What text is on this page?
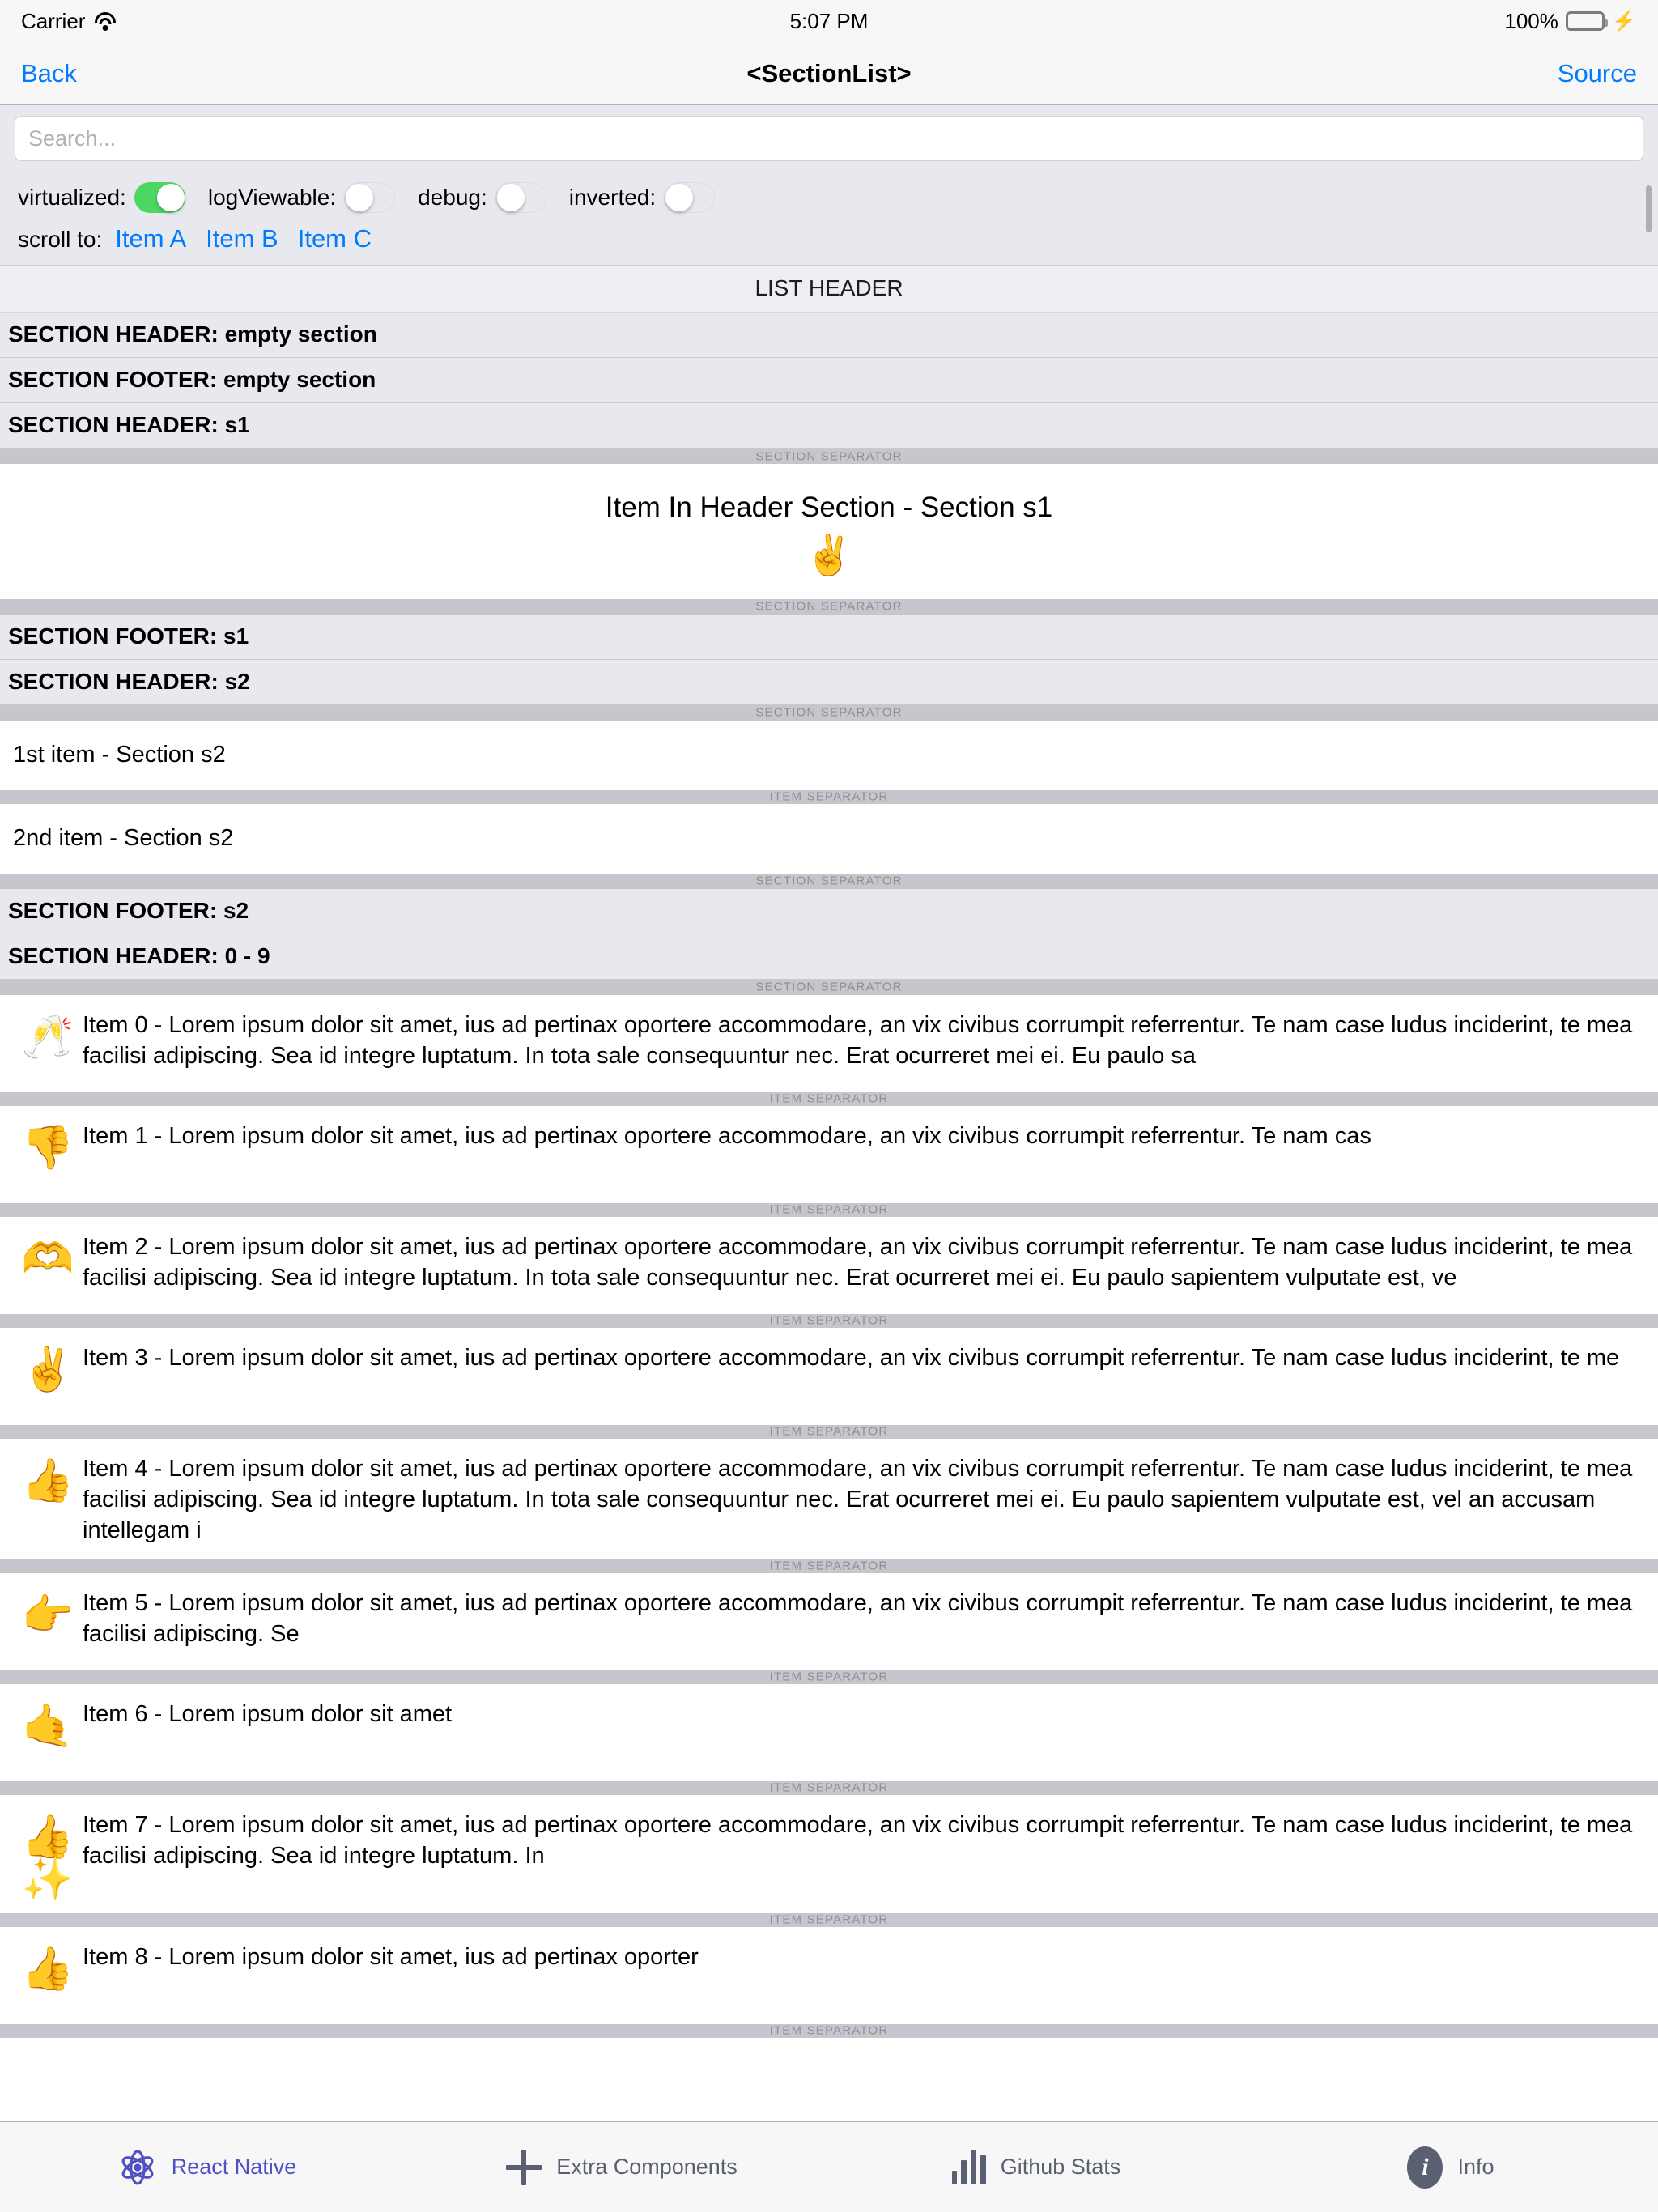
Carrier	5:07 PM	100%	⚡
Back	<SectionList>	Source
Search...
virtualized:	logViewable:	debug:	inverted:
scroll to: Item A Item B Item C
LIST HEADER
SECTION HEADER: empty section
SECTION FOOTER: empty section
SECTION HEADER: s1
SECTION SEPARATOR
Item In Header Section - Section s1
✌️
SECTION SEPARATOR
SECTION FOOTER: s1
SECTION HEADER: s2
SECTION SEPARATOR
1st item - Section s2
ITEM SEPARATOR
2nd item - Section s2
SECTION SEPARATOR
SECTION FOOTER: s2
SECTION HEADER: 0 - 9
SECTION SEPARATOR
🥂 Item 0 - Lorem ipsum dolor sit amet, ius ad pertinax oportere accommodare, an vix civibus corrumpit referrentur. Te nam case ludus inciderint, te mea facilisi adipiscing. Sea id integre luptatum. In tota sale consequuntur nec. Erat ocurreret mei ei. Eu paulo sa
ITEM SEPARATOR
👎 Item 1 - Lorem ipsum dolor sit amet, ius ad pertinax oportere accommodare, an vix civibus corrumpit referrentur. Te nam cas
ITEM SEPARATOR
🫶 Item 2 - Lorem ipsum dolor sit amet, ius ad pertinax oportere accommodare, an vix civibus corrumpit referrentur. Te nam case ludus inciderint, te mea facilisi adipiscing. Sea id integre luptatum. In tota sale consequuntur nec. Erat ocurreret mei ei. Eu paulo sapientem vulputate est, ve
ITEM SEPARATOR
✌️ Item 3 - Lorem ipsum dolor sit amet, ius ad pertinax oportere accommodare, an vix civibus corrumpit referrentur. Te nam case ludus inciderint, te me
ITEM SEPARATOR
👍 Item 4 - Lorem ipsum dolor sit amet, ius ad pertinax oportere accommodare, an vix civibus corrumpit referrentur. Te nam case ludus inciderint, te mea facilisi adipiscing. Sea id integre luptatum. In tota sale consequuntur nec. Erat ocurreret mei ei. Eu paulo sapientem vulputate est, vel an accusam intellegam i
ITEM SEPARATOR
👉 Item 5 - Lorem ipsum dolor sit amet, ius ad pertinax oportere accommodare, an vix civibus corrumpit referrentur. Te nam case ludus inciderint, te mea facilisi adipiscing. Se
ITEM SEPARATOR
🤙 Item 6 - Lorem ipsum dolor sit amet
ITEM SEPARATOR
👍✨
Item 7 - Lorem ipsum dolor sit amet, ius ad pertinax oportere accommodare, an vix civibus corrumpit referrentur. Te nam case ludus inciderint, te mea facilisi adipiscing. Sea id integre luptatum. In
ITEM SEPARATOR
👍 Item 8 - Lorem ipsum dolor sit amet, ius ad pertinax oporter
ITEM SEPARATOR
React Native	Extra Components	Github Stats	i	Info
